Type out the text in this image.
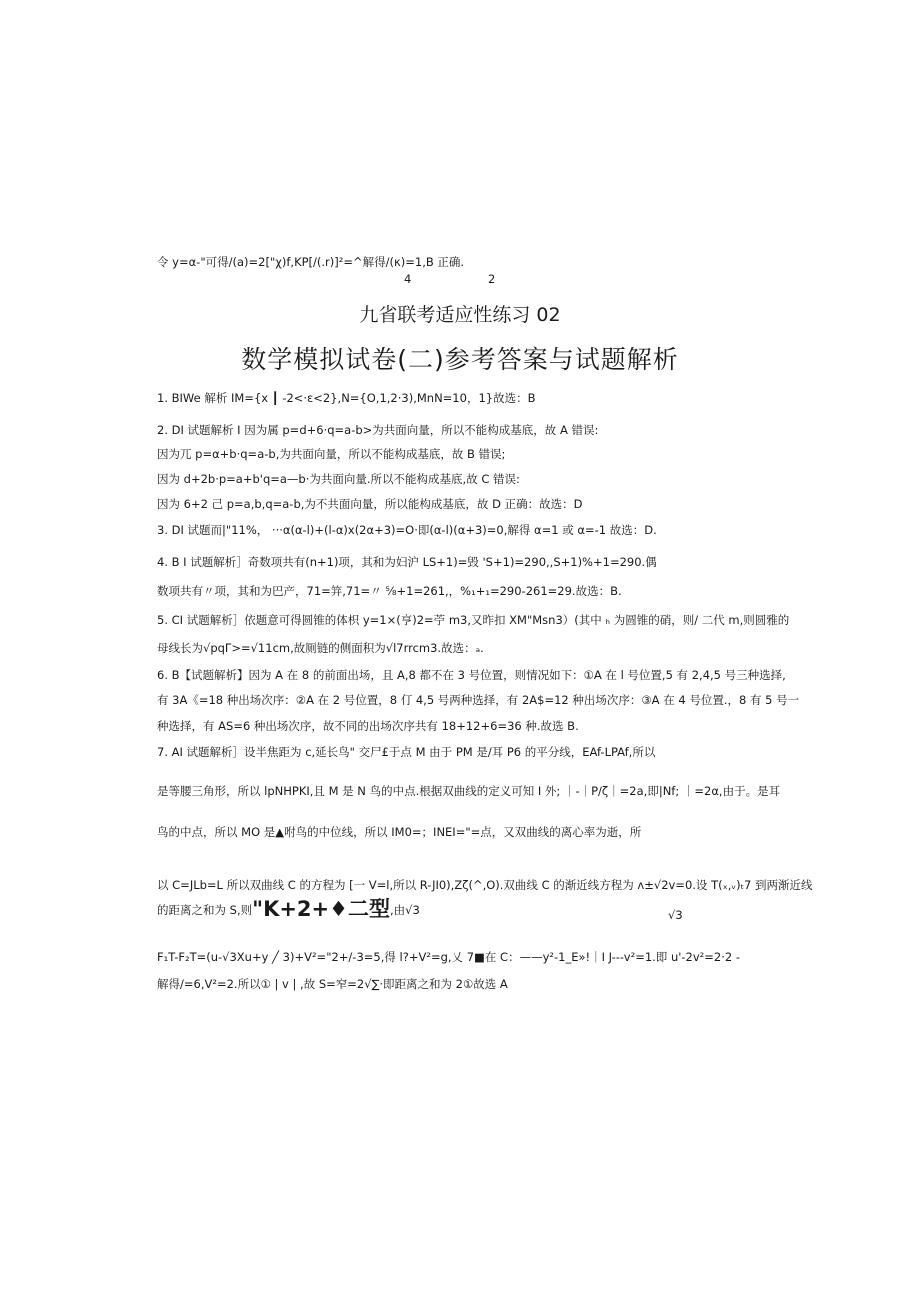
令 y=α-"可得/(a)=2["χ)f,KP[/(.r)]²=^解得/(κ)=1,B 正确.
4	2
九省联考适应性练习 02
数学模拟试卷(二)参考答案与试题解析
1. BIWe 解析 IM={x ┃ -2<·ε<2},N={O,1,2·3),MnN=10，1}故选：B
2. DI 试题解析 I 因为属 p=d+6·q=a-b>为共面向量，所以不能构成基底，故 A 错误:
因为兀 p=α+b·q=a-b,为共面向量，所以不能构成基底，故 B 错误;
因为 d+2b·p=a+b'q=a—b·为共面向量.所以不能构成基底,故 C 错误:
因为 6+2 己 p=a,b,q=a-b,为不共面向量，所以能构成基底，故 D 正确：故选：D
3. DI 试题而|"11%， ···α(α-l)+(l-α)x(2α+3)=O·即(α-l)(α+3)=0,解得 α=1 或 α=-1 故选：D.
4. B I 试题解析］奇数项共有(n+1)项，其和为妇沪 LS+1)=毁 'S+1)=290,,S+1)%+1=290.偶
数项共有〃项，其和为巴产，71=笄,71=〃 ⅝+1=261,，%₁+₁=290-261=29.故选：B.
5. CI 试题解析］依题意可得圆锥的体枳 y=1×(亨)2=苧 m3,又昨扣 XM"Msn3）(其中 ₕ 为圆锥的硝，则/ 二代 m,则圆雅的
母线长为√pqΓ>=√11cm,故厕链的侧面积为√l7rrcm3.故选：ₐ.
6. B【试题解析】因为 A 在 8 的前面出场，且 A,8 都不在 3 号位置，则情况如下：①A 在 l 号位置,5 有 2,4,5 号三种选择,
有 3A《=18 种出场次序：②A 在 2 号位置，8 仃 4,5 号两种选择，有 2A$=12 种出场次序：③A 在 4 号位置.，8 有 5 号一
种选择，有 AS=6 种出场次序，故不同的出场次序共有 18+12+6=36 种.故选 B.
7. AI 试题解析］设半焦距为 c,延长鸟" 交尸£于点 M 由于 PM 是/耳 P6 的平分线，EAf-LPAf,所以
是等腰三角形，所以 lpNHPKI,且 M 是 N 鸟的中点.根据双曲线的定义可知 I 外; ｜-｜P∕ζ｜=2a,即|Nf; ｜=2α,由于。是耳
鸟的中点，所以 MO 是▲咐鸟的中位线，所以 IM0=；INEI="=点，又双曲线的离心率为逝，所
以 C=JLb=L 所以双曲线 C 的方程为 [一 V=l,所以 R-JI0),Zζ(^,O).双曲线 C 的渐近线方程为 ʌ±√2v=0.设 T(ₓ,ᵥ)ₜ7 到两渐近线
的距离之和为 S,则"K+2+♦二型,由√3	√3
F₁T-F₂T=(u-√3Xu+y ╱ 3)+V²="2+/-3=5,得 l?+V²=g,乂 7■在 C：——y²-1_E»!｜I J---v²=1.即 u'-2v²=2·2 -
解得/=6,V²=2.所以① | v | ,故 S=窄=2√∑·即距离之和为 2①故选 A
